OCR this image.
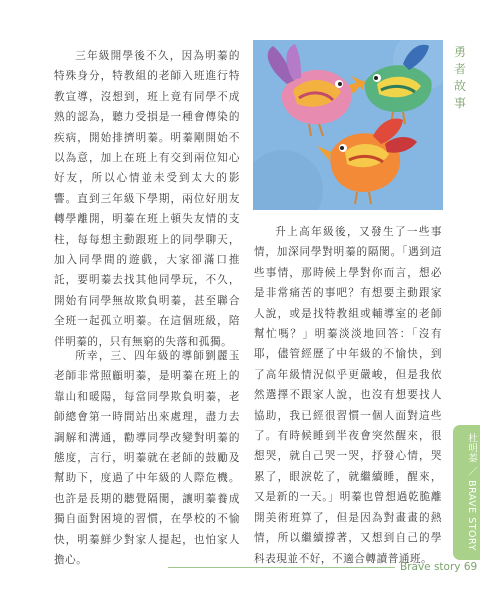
三年級開學後不久，因為明蓁的特殊身分，特教組的老師入班進行特教宣導，沒想到，班上竟有同學不成熟的認為，聽力受損是一種會傳染的疾病，開始排擠明蓁。明蓁剛開始不以為意，加上在班上有交到兩位知心好友，所以心情並未受到太大的影響。直到三年級下學期，兩位好朋友轉學離開，明蓁在班上頓失友情的支柱，每每想主動跟班上的同學聊天，加入同學間的遊戲，大家卻滿口推託，要明蓁去找其他同學玩，不久，開始有同學無故欺負明蓁，甚至聯合全班一起孤立明蓁。在這個班級，陪伴明蓁的，只有無窮的失落和孤獨。

所幸，三、四年級的導師劉麗玉老師非常照顧明蓁，是明蓁在班上的靠山和暖陽，每當同學欺負明蓁，老師總會第一時間站出來處理，盡力去調解和溝通，勸導同學改變對明蓁的態度，言行，明蓁就在老師的鼓勵及幫助下，度過了中年級的人際危機。也許是長期的聽覺隔閡，讓明蓁養成獨自面對困境的習慣，在學校的不愉快，明蓁鮮少對家人提起，也怕家人擔心。

升上高年級後，又發生了一些事情，加深同學對明蓁的隔閡。「遇到這些事情，那時候上學對你而言，想必是非常痛苦的事吧？有想要主動跟家人說，或是找特教組或輔導室的老師幫忙嗎？」明蓁淡淡地回答：「沒有耶，儘管經歷了中年級的不愉快，到了高年級情況似乎更嚴峻，但是我依然選擇不跟家人說，也沒有想要找人協助，我已經很習慣一個人面對這些了。有時候睡到半夜會突然醒來，很想哭，就自己哭一哭，抒發心情，哭累了，眼淚乾了，就繼續睡，醒來，又是新的一天。」明蓁也曾想過乾脆離開美術班算了，但是因為對畫畫的熱情，所以繼續撐著，又想到自己的學科表現並不好，不適合轉讀普通班。

勇
者
故
事
杜明蓁 ／ BRAVE STORY
Brave story 69
